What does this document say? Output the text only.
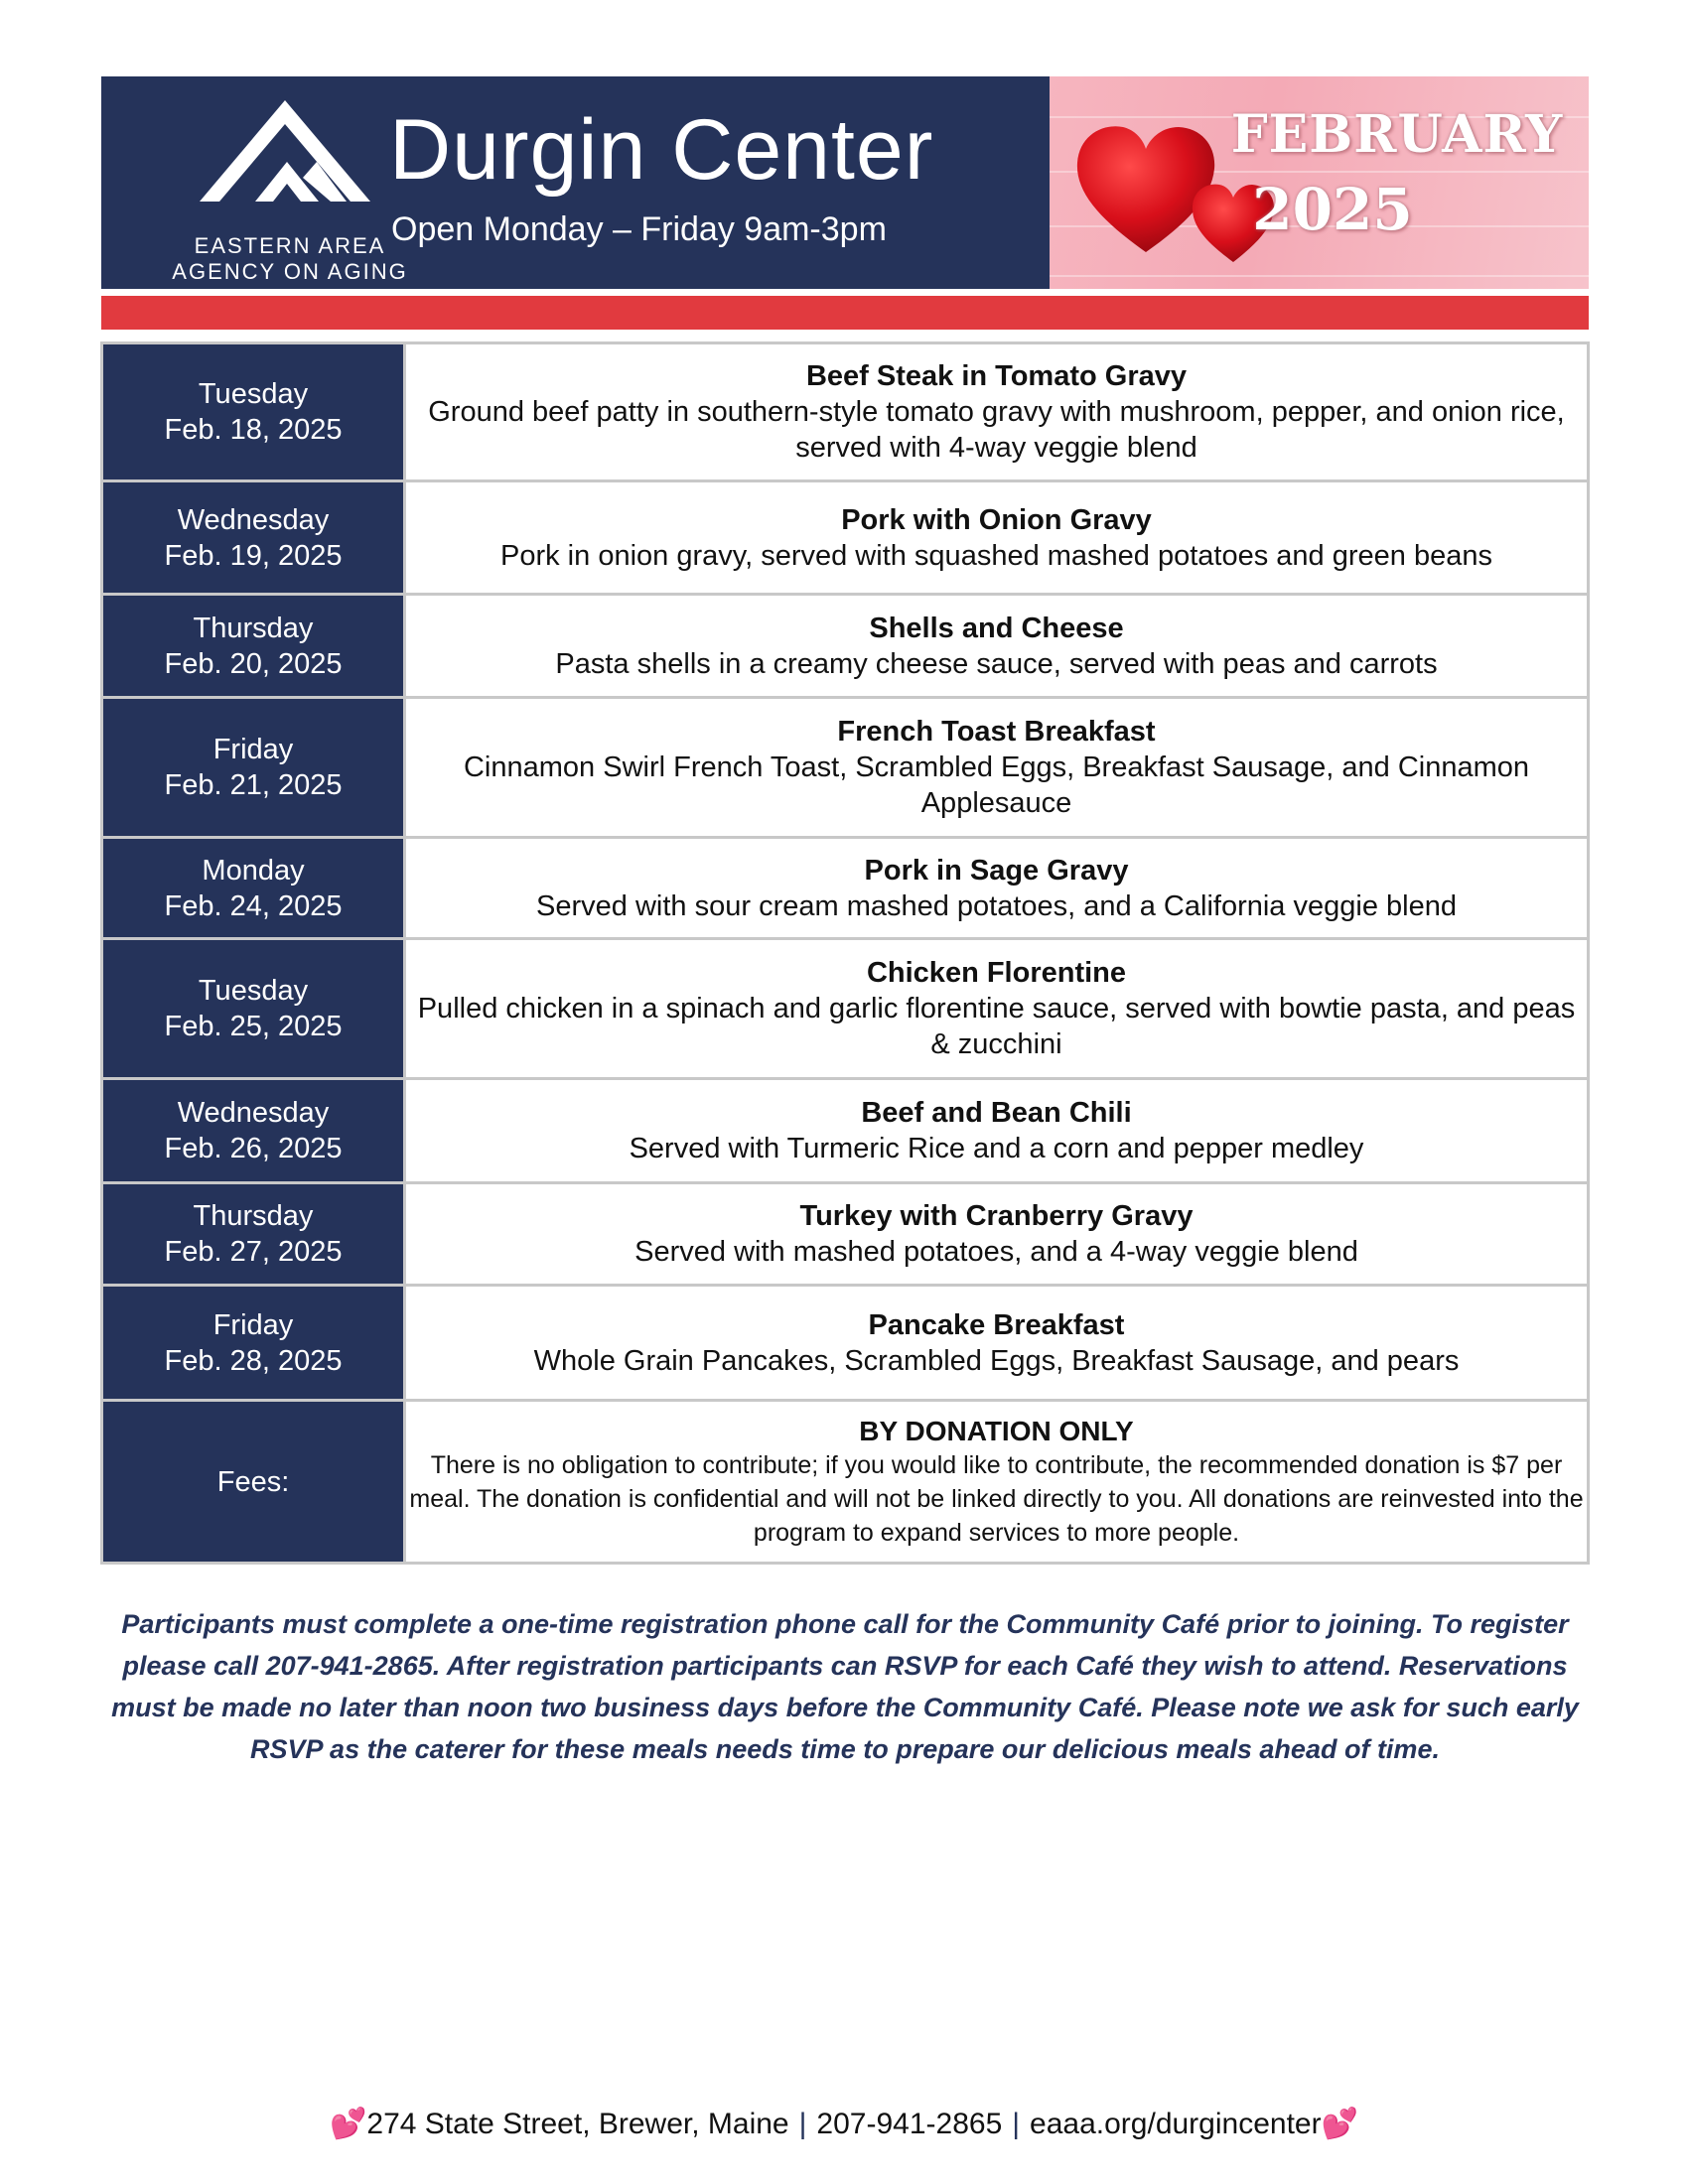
EASTERN AREA
AGENCY ON AGING
Durgin Center
Open Monday – Friday 9am-3pm
FEBRUARY
2025
Tuesday
Feb. 18, 2025	Beef Steak in Tomato Gravy
Ground beef patty in southern-style tomato gravy with mushroom, pepper, and onion rice, served with 4-way veggie blend

Wednesday
Feb. 19, 2025	Pork with Onion Gravy
Pork in onion gravy, served with squashed mashed potatoes and green beans

Thursday
Feb. 20, 2025	Shells and Cheese
Pasta shells in a creamy cheese sauce, served with peas and carrots

Friday
Feb. 21, 2025	French Toast Breakfast
Cinnamon Swirl French Toast, Scrambled Eggs, Breakfast Sausage, and Cinnamon Applesauce

Monday
Feb. 24, 2025	Pork in Sage Gravy
Served with sour cream mashed potatoes, and a California veggie blend

Tuesday
Feb. 25, 2025	Chicken Florentine
Pulled chicken in a spinach and garlic florentine sauce, served with bowtie pasta, and peas & zucchini

Wednesday
Feb. 26, 2025	Beef and Bean Chili
Served with Turmeric Rice and a corn and pepper medley

Thursday
Feb. 27, 2025	Turkey with Cranberry Gravy
Served with mashed potatoes, and a 4-way veggie blend

Friday
Feb. 28, 2025	Pancake Breakfast
Whole Grain Pancakes, Scrambled Eggs, Breakfast Sausage, and pears

Fees:	BY DONATION ONLY
There is no obligation to contribute; if you would like to contribute, the recommended donation is $7 per meal. The donation is confidential and will not be linked directly to you. All donations are reinvested into the program to expand services to more people.
Participants must complete a one-time registration phone call for the Community Café prior to joining. To register please call 207-941-2865. After registration participants can RSVP for each Café they wish to attend. Reservations must be made no later than noon two business days before the Community Café. Please note we ask for such early RSVP as the caterer for these meals needs time to prepare our delicious meals ahead of time.
💕274 State Street, Brewer, Maine | 207-941-2865 | eaaa.org/durgincenter💕
